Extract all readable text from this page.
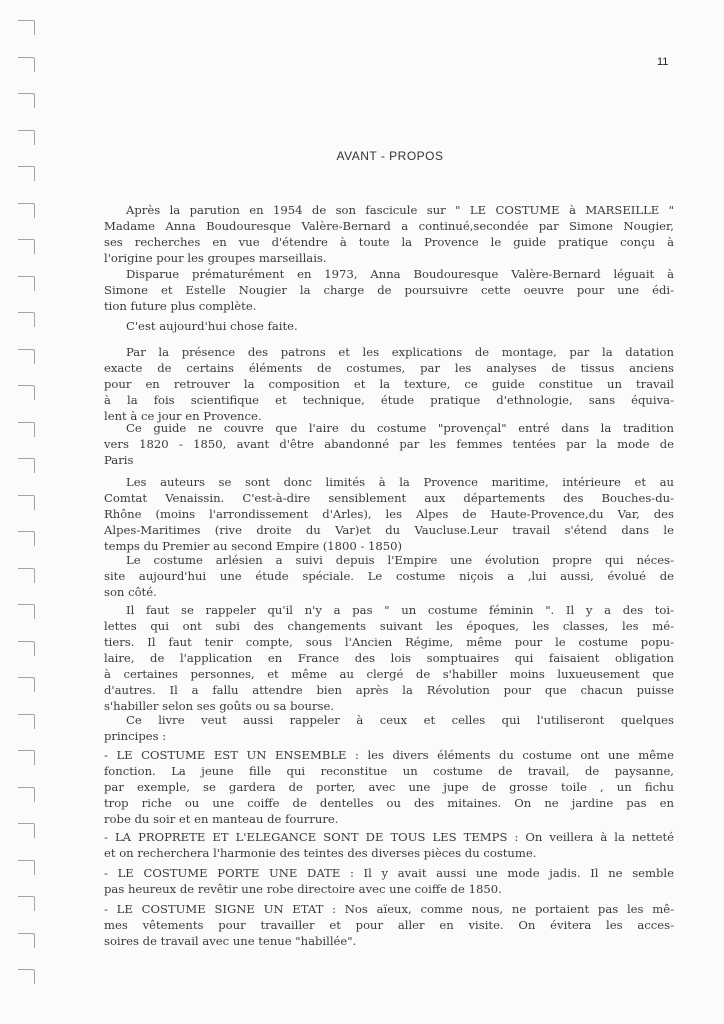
11
AVANT - PROPOS
Après la parution en 1954 de son fascicule sur " LE COSTUME à MARSEILLE "
Madame Anna Boudouresque Valère-Bernard a continué,secondée par Simone Nougier,
ses recherches en vue d'étendre à toute la Provence le guide pratique conçu à
l'origine pour les groupes marseillais.
Disparue prématurément en 1973, Anna Boudouresque Valère-Bernard léguait à
Simone et Estelle Nougier la charge de poursuivre cette oeuvre pour une édi-
tion future plus complète.
C'est aujourd'hui chose faite.
Par la présence des patrons et les explications de montage, par la datation
exacte de certains éléments de costumes, par les analyses de tissus anciens
pour en retrouver la composition et la texture, ce guide constitue un travail
à la fois scientifique et technique, étude pratique d'ethnologie, sans équiva-
lent à ce jour en Provence.
Ce guide ne couvre que l'aire du costume "provençal" entré dans la tradition
vers 1820 - 1850, avant d'être abandonné par les femmes tentées par la mode de
Paris
Les auteurs se sont donc limités à la Provence maritime, intérieure et au
Comtat Venaissin. C'est-à-dire sensiblement aux départements des Bouches-du-
Rhône (moins l'arrondissement d'Arles), les Alpes de Haute-Provence,du Var, des
Alpes-Maritimes (rive droite du Var)et du Vaucluse.Leur travail s'étend dans le
temps du Premier au second Empire (1800 - 1850)
Le costume arlésien a suivi depuis l'Empire une évolution propre qui néces-
site aujourd'hui une étude spéciale. Le costume niçois a ,lui aussi, évolué de
son côté.
Il faut se rappeler qu'il n'y a pas " un costume féminin ". Il y a des toi-
lettes qui ont subi des changements suivant les époques, les classes, les mé-
tiers. Il faut tenir compte, sous l'Ancien Régime, même pour le costume popu-
laire, de l'application en France des lois somptuaires qui faisaient obligation
à certaines personnes, et même au clergé de s'habiller moins luxueusement que
d'autres. Il a fallu attendre bien après la Révolution pour que chacun puisse
s'habiller selon ses goûts ou sa bourse.
Ce livre veut aussi rappeler à ceux et celles qui l'utiliseront quelques
principes :
- LE COSTUME EST UN ENSEMBLE : les divers éléments du costume ont une même
fonction. La jeune fille qui reconstitue un costume de travail, de paysanne,
par exemple, se gardera de porter, avec une jupe de grosse toile , un fichu
trop riche ou une coiffe de dentelles ou des mitaines. On ne jardine pas en
robe du soir et en manteau de fourrure.
- LA PROPRETE ET L'ELEGANCE SONT DE TOUS LES TEMPS : On veillera à la netteté
et on recherchera l'harmonie des teintes des diverses pièces du costume.
- LE COSTUME PORTE UNE DATE : Il y avait aussi une mode jadis. Il ne semble
pas heureux de revêtir une robe directoire avec une coiffe de 1850.
- LE COSTUME SIGNE UN ETAT : Nos aïeux, comme nous, ne portaient pas les mê-
mes vêtements pour travailler et pour aller en visite. On évitera les acces-
soires de travail avec une tenue "habillée".
